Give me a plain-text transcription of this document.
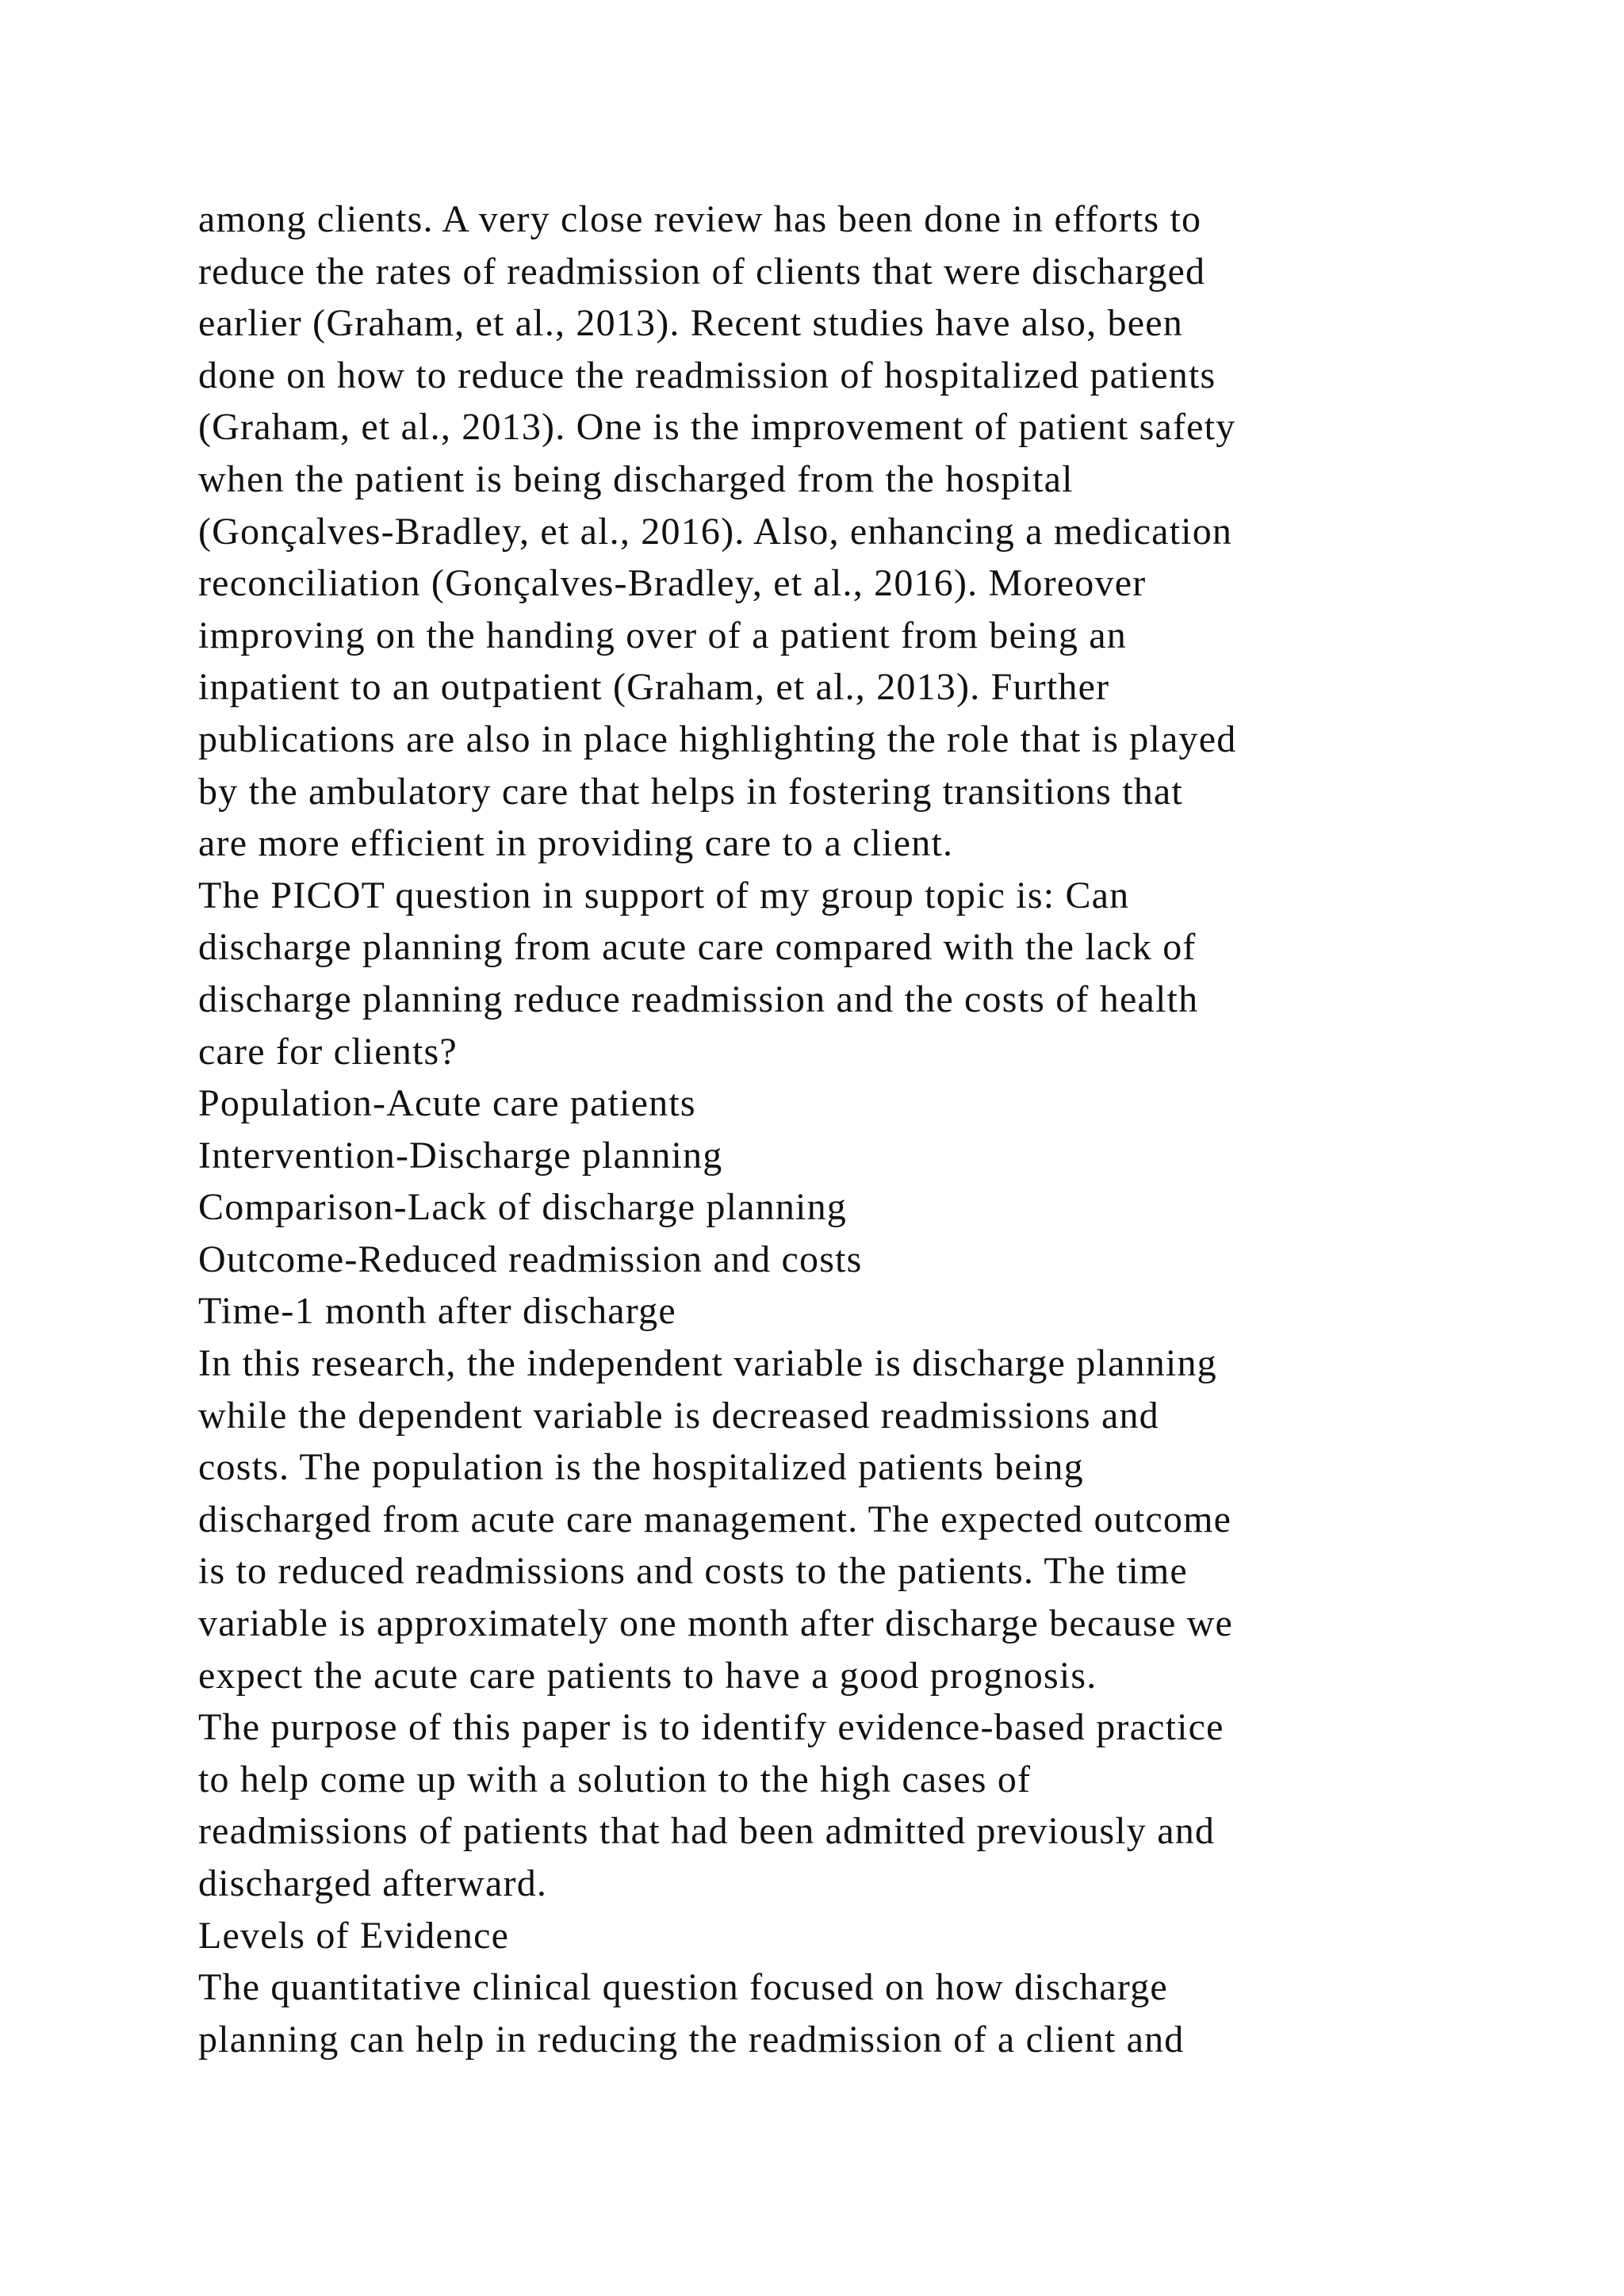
among clients. A very close review has been done in efforts to
reduce the rates of readmission of clients that were discharged
earlier (Graham, et al., 2013). Recent studies have also, been
done on how to reduce the readmission of hospitalized patients
(Graham, et al., 2013). One is the improvement of patient safety
when the patient is being discharged from the hospital
(Gonçalves-Bradley, et al., 2016). Also, enhancing a medication
reconciliation (Gonçalves-Bradley, et al., 2016). Moreover
improving on the handing over of a patient from being an
inpatient to an outpatient (Graham, et al., 2013). Further
publications are also in place highlighting the role that is played
by the ambulatory care that helps in fostering transitions that
are more efficient in providing care to a client.
The PICOT question in support of my group topic is: Can
discharge planning from acute care compared with the lack of
discharge planning reduce readmission and the costs of health
care for clients?
Population-Acute care patients
Intervention-Discharge planning
Comparison-Lack of discharge planning
Outcome-Reduced readmission and costs
Time-1 month after discharge
In this research, the independent variable is discharge planning
while the dependent variable is decreased readmissions and
costs. The population is the hospitalized patients being
discharged from acute care management. The expected outcome
is to reduced readmissions and costs to the patients. The time
variable is approximately one month after discharge because we
expect the acute care patients to have a good prognosis.
The purpose of this paper is to identify evidence-based practice
to help come up with a solution to the high cases of
readmissions of patients that had been admitted previously and
discharged afterward.
Levels of Evidence
The quantitative clinical question focused on how discharge
planning can help in reducing the readmission of a client and
